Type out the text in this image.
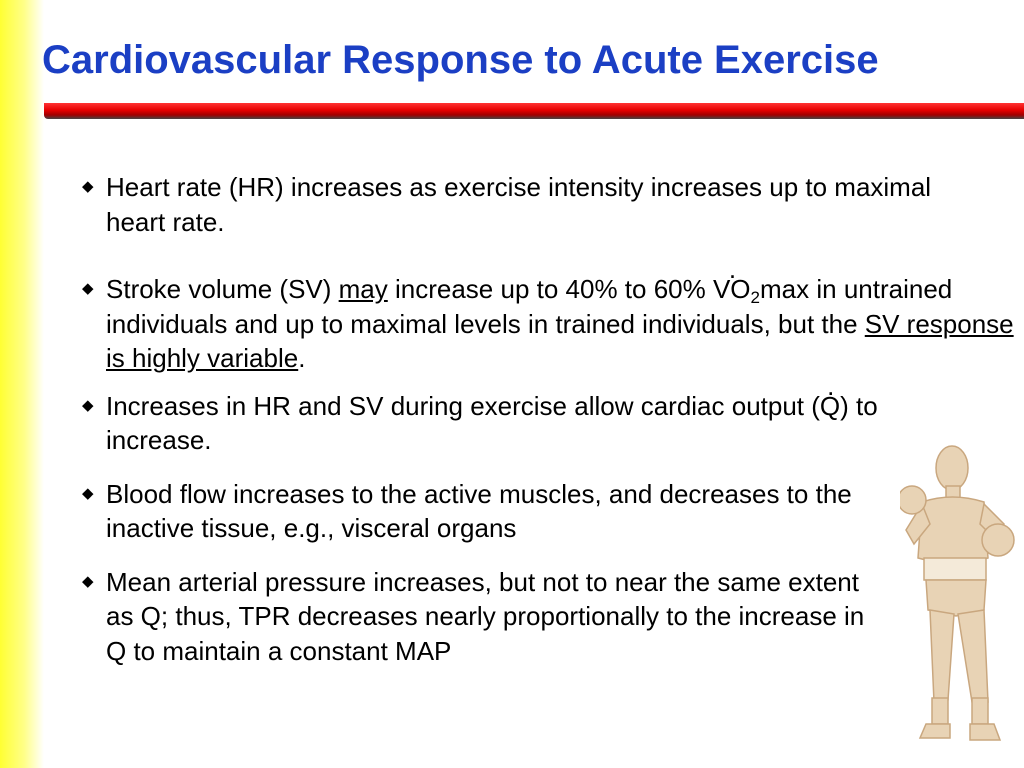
Cardiovascular Response to Acute Exercise
◆ Heart rate (HR) increases as exercise intensity increases up to maximal heart rate.
◆ Stroke volume (SV) may increase up to 40% to 60% . $VO_2\max$ in untrained individuals and up to maximal levels in trained individuals, but the SV response is highly variable.
◆ Increases in HR and SV during exercise allow cardiac output (. Q) to increase.
◆ Blood flow increases to the active muscles, and decreases to the inactive tissue, e.g., visceral organs
◆ Mean arterial pressure increases, but not to near the same extent as Q; thus, TPR decreases nearly proportionally to the increase in Q to maintain a constant MAP
